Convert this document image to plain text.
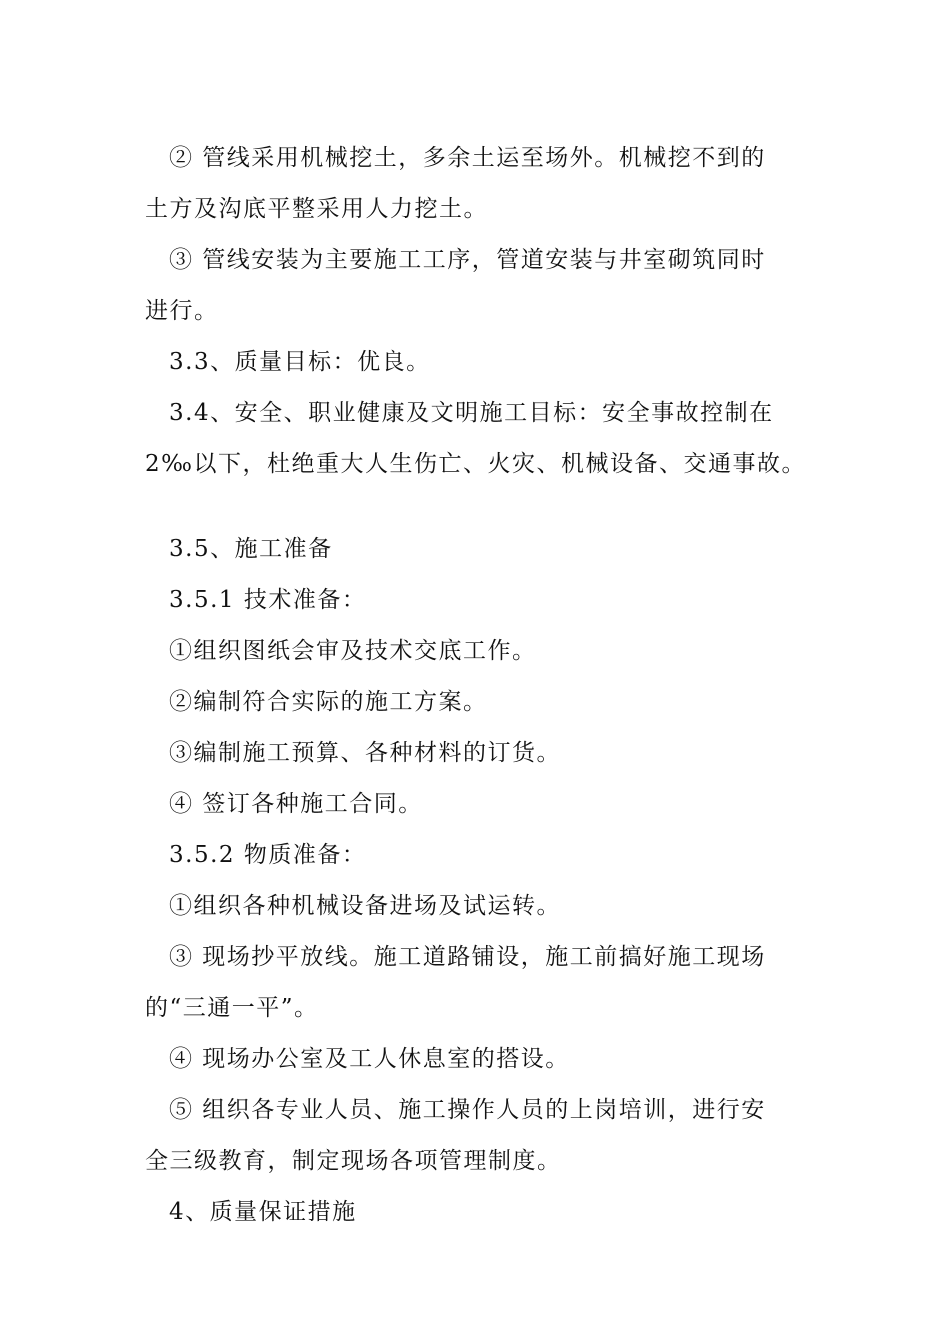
② 管线采用机械挖土，多余土运至场外。机械挖不到的

土方及沟底平整采用人力挖土。

③ 管线安装为主要施工工序，管道安装与井室砌筑同时

进行。

3.3、质量目标：优良。

3.4、安全、职业健康及文明施工目标：安全事故控制在

2‰以下，杜绝重大人生伤亡、火灾、机械设备、交通事故。

3.5、施工准备

3.5.1 技术准备：

①组织图纸会审及技术交底工作。

②编制符合实际的施工方案。

③编制施工预算、各种材料的订货。

④ 签订各种施工合同。

3.5.2 物质准备：

①组织各种机械设备进场及试运转。

③ 现场抄平放线。施工道路铺设，施工前搞好施工现场

的“三通一平”。

④ 现场办公室及工人休息室的搭设。

⑤ 组织各专业人员、施工操作人员的上岗培训，进行安

全三级教育，制定现场各项管理制度。

4、质量保证措施
